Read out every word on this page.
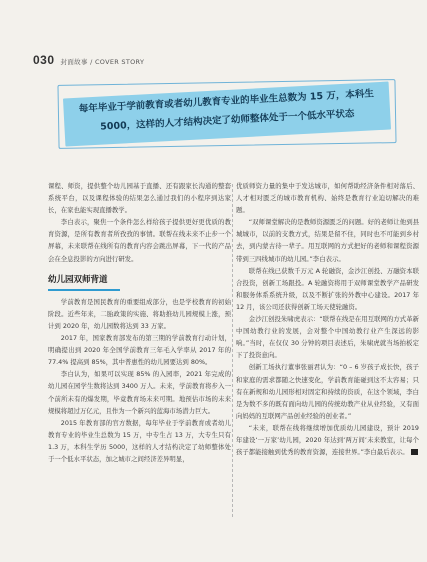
030 封面故事 / COVER STORY
每年毕业于学前教育或者幼儿教育专业的毕业生总数为 15 万，本科生
5000，这样的人才结构决定了幼师整体处于一个低水平状态

课程、师资，提供整个幼儿园基于直播、还有跟家长沟通的整套系统平台，以及课程体验的结果怎么通过我们的小程序到达家长，在家也能实现直播教学。

李白表示，聚焦一个条件怎么样给孩子提供更好更优质的教育资源，是所有教育者所孜孜的事情。联帮在线未来不止步一个屏幕，未来联帮在线所有的教育内容会跳出屏幕，下一代的产品会在全息投影的方向进行研发。

幼儿园双师背道

学前教育是国民教育的重要组成部分，也是学校教育的初始阶段。近些年来，二胎政策的实施、将助推幼儿园规模上涨，预计到 2020 年，幼儿园数将达到 33 万家。

2017 年，国家教育部发布的第三期的学前教育行动计划，明确提出到 2020 年全国学前教育三年毛入学率从 2017 年的 77.4% 提高到 85%，其中普惠性的幼儿园要达到 80%。

李白认为，如果可以实现 85% 的入园率，2021 年完成的幼儿园在园学生数将达到 3400 万人。未来，学前教育将步入一个前所未有的爆发期，毕竟教育场未来可期。地预估市场的未来规模将超过万亿元，且作为一个新兴的蓝海市场潜力巨大。

2015 年教育部的官方数据，每年毕业于学前教育或者幼儿教育专业的毕业生总数为 15 万，中专生占 13 万，大专生只有 1.3 万，本科生学历 5000，这样的人才结构决定了幼师整体处于一个低水平状态，加之城市之间经济差异明显，

优质师资力量的集中于发达城市，如何帮助经济条件相对落后、人才相对匮乏的城市教育机构、始终是教育行业迫切解决的难题。

“双师课堂解决的是教师资源匮乏的问题。好的老师让他到县城城市，以前的支教方式，结果是留不住，同时也不可能到乡村去，到内蒙古待一辈子。用互联网的方式把好的老师和课程资源带到三四线城市的幼儿园。”李白表示。

联帮在线已获数千万元 A 轮融资，金沙江创投、万融资本联合投资，创新工场跟投。A 轮融资将用于双师课堂教学产品研发和服务体系系统升级，以及不断扩张的外教中心建设。2017 年 12 月，该公司还获得创新工场天使轮融资。

金沙江创投朱啸虎表示：“联帮在线是在用互联网的方式革新中国幼教行业的发展，会对整个中国幼教行业产生深远的影响。”当时，在仅仅 30 分钟的项目表述后，朱啸虎就当场拍板定下了投资意向。

创新工场执行董事张丽君认为：“0 – 6 岁孩子成长快，孩子和家庭的需求都随之快速变化，学前教育能碰到这不太容易；只有在新规和幼儿园形相对固定和持续的资质，在这个领域，李白是为数不多的既有面向幼儿园的传统幼教产业从业经验，又有面向妈妈的互联网产品创业经验的创业者。”

“未来，联帮在线将继续增加优质幼儿园建设，预计 2019 年建设‘一万家’幼儿园，2020 年达到‘两万间’未来教室，让每个孩子都能接触到优秀的教育资源，连接世界。”李白最后表示。
